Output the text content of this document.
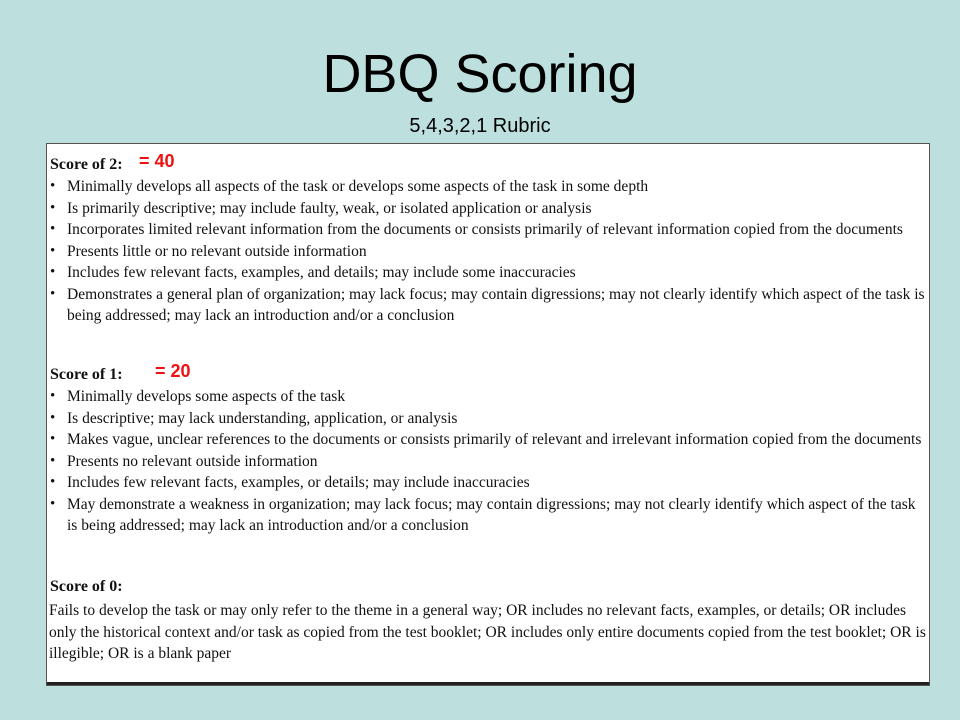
DBQ Scoring
5,4,3,2,1 Rubric
Score of 2: = 40
• Minimally develops all aspects of the task or develops some aspects of the task in some depth
• Is primarily descriptive; may include faulty, weak, or isolated application or analysis
• Incorporates limited relevant information from the documents or consists primarily of relevant information copied from the documents
• Presents little or no relevant outside information
• Includes few relevant facts, examples, and details; may include some inaccuracies
• Demonstrates a general plan of organization; may lack focus; may contain digressions; may not clearly identify which aspect of the task is being addressed; may lack an introduction and/or a conclusion
Score of 1: = 20
• Minimally develops some aspects of the task
• Is descriptive; may lack understanding, application, or analysis
• Makes vague, unclear references to the documents or consists primarily of relevant and irrelevant information copied from the documents
• Presents no relevant outside information
• Includes few relevant facts, examples, or details; may include inaccuracies
• May demonstrate a weakness in organization; may lack focus; may contain digressions; may not clearly identify which aspect of the task is being addressed; may lack an introduction and/or a conclusion
Score of 0:
Fails to develop the task or may only refer to the theme in a general way; OR includes no relevant facts, examples, or details; OR includes only the historical context and/or task as copied from the test booklet; OR includes only entire documents copied from the test booklet; OR is illegible; OR is a blank paper
